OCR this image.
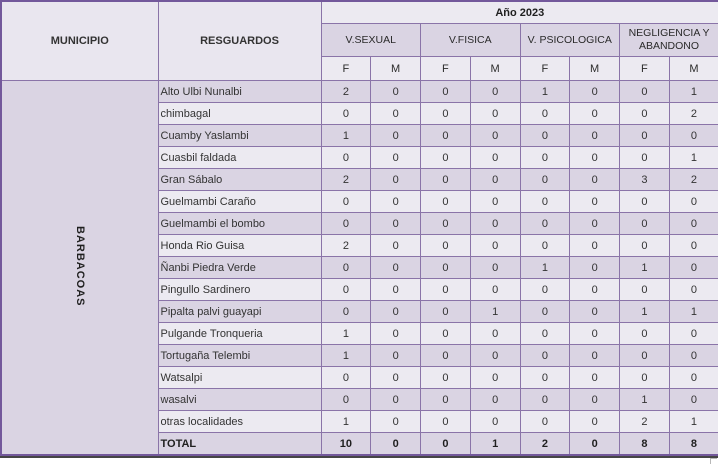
MUNICIPIO	RESGUARDOS	Año 2023							
		V.SEXUAL		V.FISICA		V. PSICOLOGICA		NEGLIGENCIA Y ABANDONO	
		F	M	F	M	F	M	F	M
BARBACOAS	Alto Ulbi Nunalbi	2	0	0	0	1	0	0	1
	chimbagal	0	0	0	0	0	0	0	2
	Cuamby Yaslambi	1	0	0	0	0	0	0	0
	Cuasbil faldada	0	0	0	0	0	0	0	1
	Gran Sábalo	2	0	0	0	0	0	3	2
	Guelmambi Caraño	0	0	0	0	0	0	0	0
	Guelmambi el bombo	0	0	0	0	0	0	0	0
	Honda Rio Guisa	2	0	0	0	0	0	0	0
	Ñanbi Piedra Verde	0	0	0	0	1	0	1	0
	Pingullo Sardinero	0	0	0	0	0	0	0	0
	Pipalta palvi guayapi	0	0	0	1	0	0	1	1
	Pulgande Tronqueria	1	0	0	0	0	0	0	0
	Tortugaña Telembi	1	0	0	0	0	0	0	0
	Watsalpi	0	0	0	0	0	0	0	0
	wasalvi	0	0	0	0	0	0	1	0
	otras localidades	1	0	0	0	0	0	2	1
	TOTAL	10	0	0	1	2	0	8	8
